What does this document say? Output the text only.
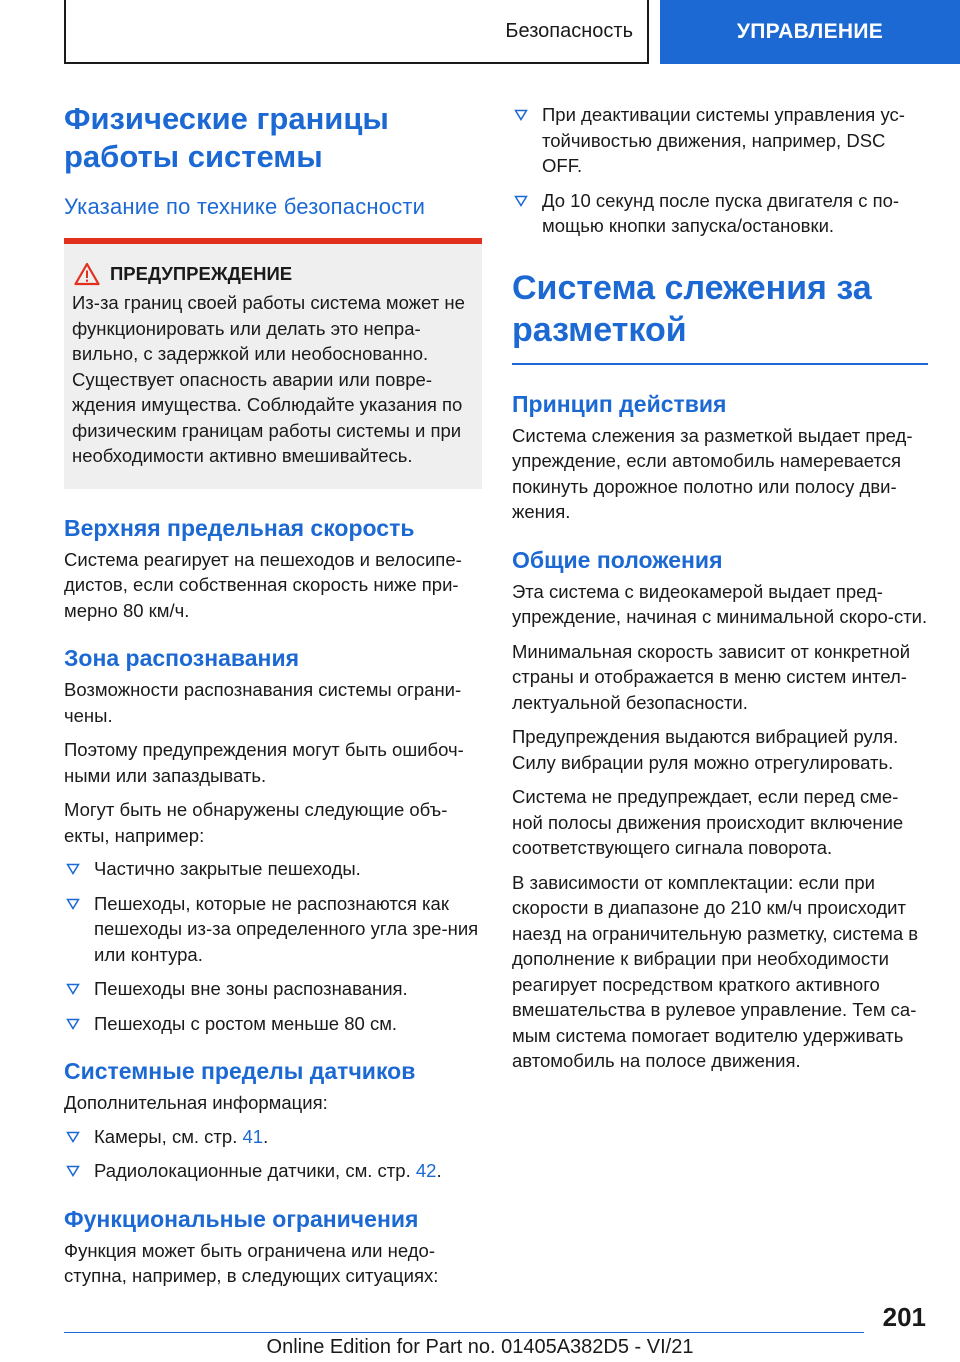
Безопасность	УПРАВЛЕНИЕ
Физические границы работы системы
Указание по технике безопасности
ПРЕДУПРЕЖДЕНИЕ

Из-за границ своей работы система может не функционировать или делать это непра-вильно, с задержкой или необоснованно. Существует опасность аварии или повре-ждения имущества. Соблюдайте указания по физическим границам работы системы и при необходимости активно вмешивайтесь.

Верхняя предельная скорость

Система реагирует на пешеходов и велосипе-дистов, если собственная скорость ниже при-мерно 80 км/ч.

Зона распознавания

Возможности распознавания системы ограни-чены.

Поэтому предупреждения могут быть ошибоч-ными или запаздывать.

Могут быть не обнаружены следующие объ-екты, например:

Частично закрытые пешеходы.
Пешеходы, которые не распознаются как пешеходы из-за определенного угла зре-ния или контура.
Пешеходы вне зоны распознавания.
Пешеходы с ростом меньше 80 см.
Системные пределы датчиков

Дополнительная информация:

Камеры, см. стр. 41.
Радиолокационные датчики, см. стр. 42.
Функциональные ограничения

Функция может быть ограничена или недо-ступна, например, в следующих ситуациях:

При деактивации системы управления ус-тойчивостью движения, например, DSC OFF.
До 10 секунд после пуска двигателя с по-мощью кнопки запуска/остановки.
Система слежения за разметкой
Принцип действия

Система слежения за разметкой выдает пред-упреждение, если автомобиль намеревается покинуть дорожное полотно или полосу дви-жения.

Общие положения

Эта система с видеокамерой выдает пред-упреждение, начиная с минимальной скоро-сти.

Минимальная скорость зависит от конкретной страны и отображается в меню систем интел-лектуальной безопасности.

Предупреждения выдаются вибрацией руля. Силу вибрации руля можно отрегулировать.

Система не предупреждает, если перед сме-ной полосы движения происходит включение соответствующего сигнала поворота.

В зависимости от комплектации: если при скорости в диапазоне до 210 км/ч происходит наезд на ограничительную разметку, система в дополнение к вибрации при необходимости реагирует посредством краткого активного вмешательства в рулевое управление. Тем са-мым система помогает водителю удерживать автомобиль на полосе движения.

201
Online Edition for Part no. 01405A382D5 - VI/21
